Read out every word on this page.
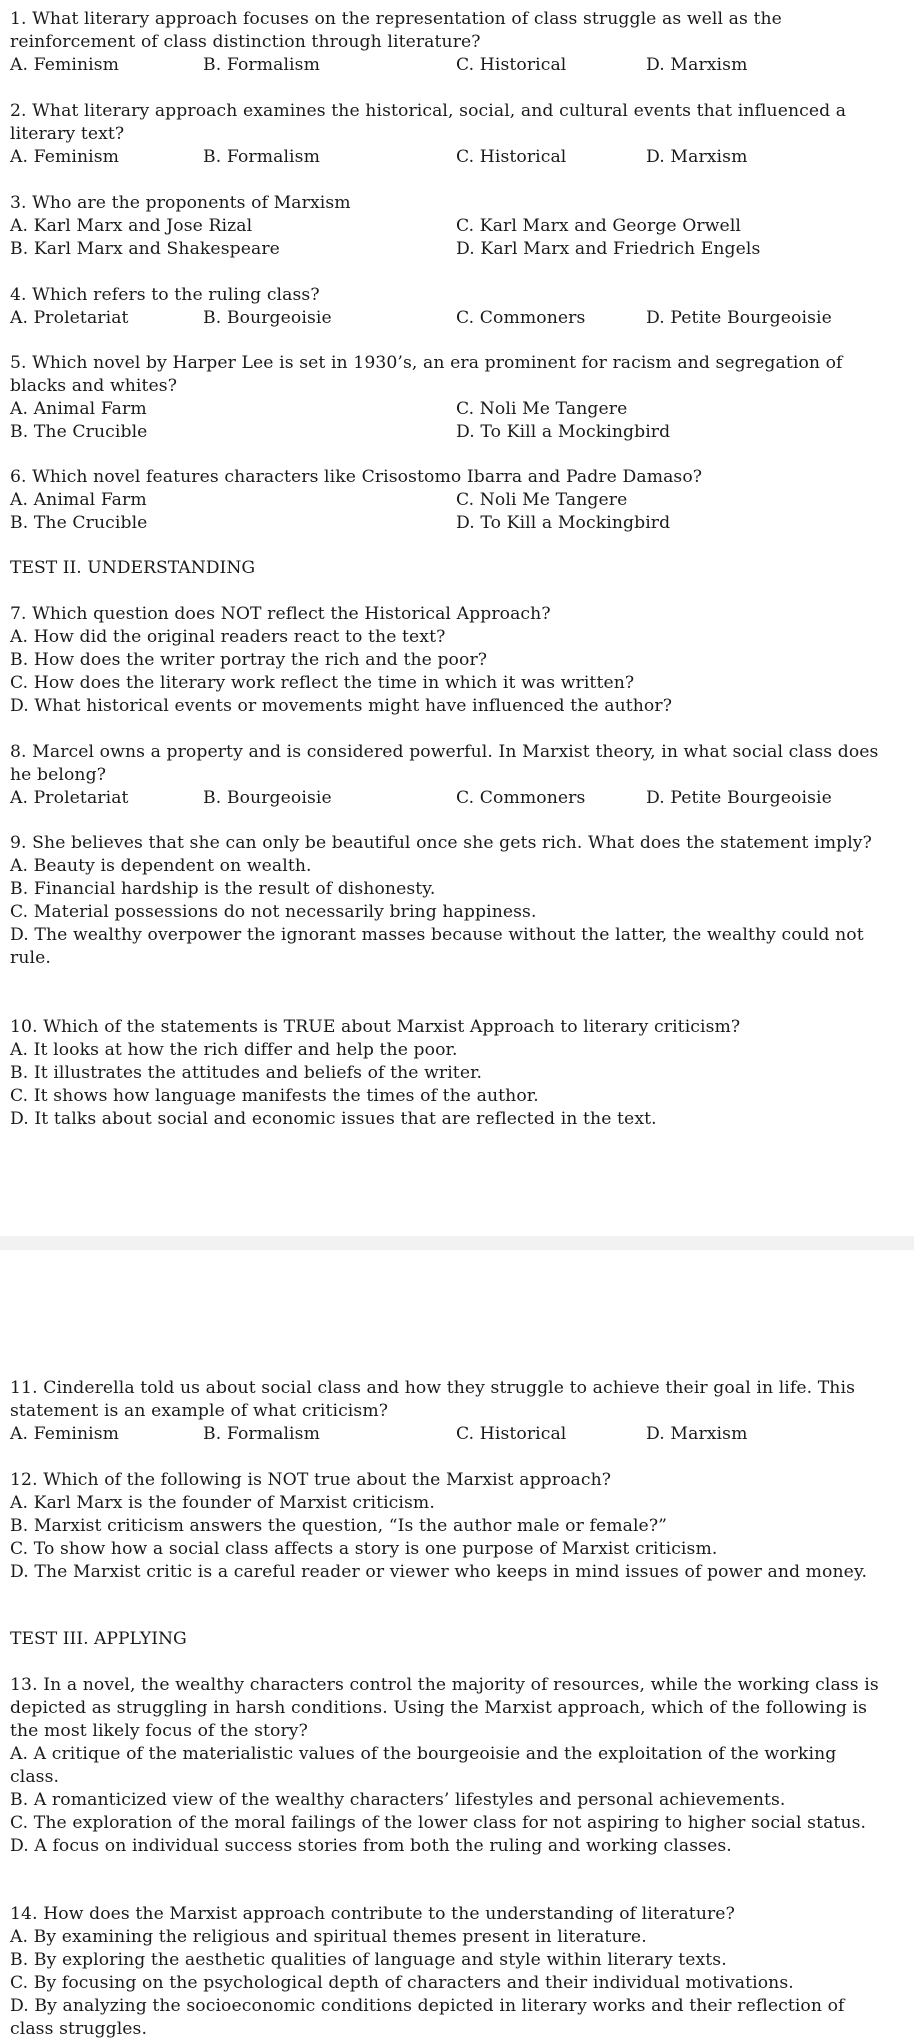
1. What literary approach focuses on the representation of class struggle as well as the reinforcement of class distinction through literature?
A. Feminism	B. Formalism	C. Historical	D. Marxism
2. What literary approach examines the historical, social, and cultural events that influenced a literary text?
A. Feminism	B. Formalism	C. Historical	D. Marxism
3. Who are the proponents of Marxism
A. Karl Marx and Jose Rizal	C. Karl Marx and George Orwell
B. Karl Marx and Shakespeare	D. Karl Marx and Friedrich Engels
4. Which refers to the ruling class?
A. Proletariat	B. Bourgeoisie	C. Commoners	D. Petite Bourgeoisie
5. Which novel by Harper Lee is set in 1930’s, an era prominent for racism and segregation of blacks and whites?
A. Animal Farm	C. Noli Me Tangere
B. The Crucible	D. To Kill a Mockingbird
6. Which novel features characters like Crisostomo Ibarra and Padre Damaso?
A. Animal Farm	C. Noli Me Tangere
B. The Crucible	D. To Kill a Mockingbird
TEST II. UNDERSTANDING
7. Which question does NOT reflect the Historical Approach?
A. How did the original readers react to the text?
B. How does the writer portray the rich and the poor?
C. How does the literary work reflect the time in which it was written?
D. What historical events or movements might have influenced the author?
8. Marcel owns a property and is considered powerful. In Marxist theory, in what social class does he belong?
A. Proletariat	B. Bourgeoisie	C. Commoners	D. Petite Bourgeoisie
9. She believes that she can only be beautiful once she gets rich. What does the statement imply?
A. Beauty is dependent on wealth.
B. Financial hardship is the result of dishonesty.
C. Material possessions do not necessarily bring happiness.
D. The wealthy overpower the ignorant masses because without the latter, the wealthy could not rule.
10. Which of the statements is TRUE about Marxist Approach to literary criticism?
A. It looks at how the rich differ and help the poor.
B. It illustrates the attitudes and beliefs of the writer.
C. It shows how language manifests the times of the author.
D. It talks about social and economic issues that are reflected in the text.
11. Cinderella told us about social class and how they struggle to achieve their goal in life. This statement is an example of what criticism?
A. Feminism	B. Formalism	C. Historical	D. Marxism
12. Which of the following is NOT true about the Marxist approach?
A. Karl Marx is the founder of Marxist criticism.
B. Marxist criticism answers the question, “Is the author male or female?”
C. To show how a social class affects a story is one purpose of Marxist criticism.
D. The Marxist critic is a careful reader or viewer who keeps in mind issues of power and money.
TEST III. APPLYING
13. In a novel, the wealthy characters control the majority of resources, while the working class is depicted as struggling in harsh conditions. Using the Marxist approach, which of the following is the most likely focus of the story?
A. A critique of the materialistic values of the bourgeoisie and the exploitation of the working class.
B. A romanticized view of the wealthy characters’ lifestyles and personal achievements.
C. The exploration of the moral failings of the lower class for not aspiring to higher social status.
D. A focus on individual success stories from both the ruling and working classes.
14. How does the Marxist approach contribute to the understanding of literature?
A. By examining the religious and spiritual themes present in literature.
B. By exploring the aesthetic qualities of language and style within literary texts.
C. By focusing on the psychological depth of characters and their individual motivations.
D. By analyzing the socioeconomic conditions depicted in literary works and their reflection of class struggles.
